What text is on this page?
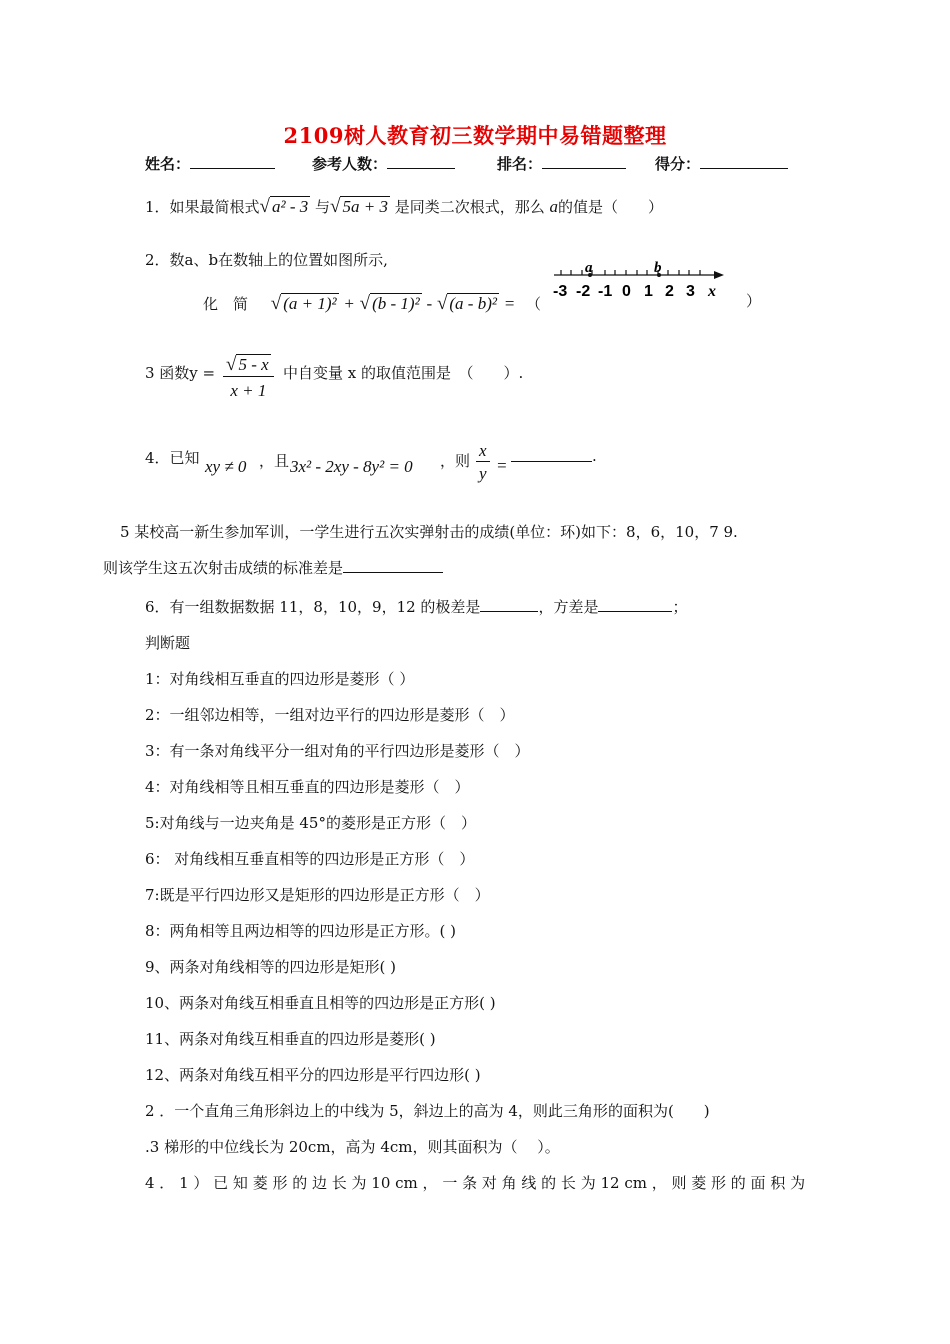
2109树人教育初三数学期中易错题整理
姓名：	参考人数：	排名：	得分：
1．如果最简根式√ a² - 3 与√ 5a + 3 是同类二次根式，那么 a的值是（　　）
2．数a、b在数轴上的位置如图所示,	a	b
-3 -2 -1 0 1 2 3 x
化　简 √ (a + 1)² + √ (b - 1)² - √ (a - b)² = （	）
3 函数y = √ 5 - x
x + 1
中自变量 x 的取值范围是　（　　）.
4．已知 xy ≠ 0 ，且 3x² - 2xy - 8y² = 0 ，则 $\frac{x}{y}$ =	.
5 某校高一新生参加军训，一学生进行五次实弹射击的成绩(单位：环)如下：8，6，10，7 9.
则该学生这五次射击成绩的标准差是
6．有一组数据数据 11，8，10，9，12 的极差是	，方差是	；
判断题
1：对角线相互垂直的四边形是菱形（ ）
2：一组邻边相等，一组对边平行的四边形是菱形（　）
3：有一条对角线平分一组对角的平行四边形是菱形（　）
4：对角线相等且相互垂直的四边形是菱形（　）
5:对角线与一边夹角是 45°的菱形是正方形（　）
6： 对角线相互垂直相等的四边形是正方形（　）
7:既是平行四边形又是矩形的四边形是正方形（　）
8：两角相等且两边相等的四边形是正方形。( )
9、两条对角线相等的四边形是矩形( )
10、两条对角线互相垂直且相等的四边形是正方形( )
11、两条对角线互相垂直的四边形是菱形( )
12、两条对角线互相平分的四边形是平行四边形( )
2 ．一个直角三角形斜边上的中线为 5，斜边上的高为 4，则此三角形的面积为(　　)
.3 梯形的中位线长为 20cm，高为 4cm，则其面积为（　 ）。
4 ． 1 ） 已 知 菱 形 的 边 长 为 10 cm ， 一 条 对 角 线 的 长 为 12 cm ， 则 菱 形 的 面 积 为
